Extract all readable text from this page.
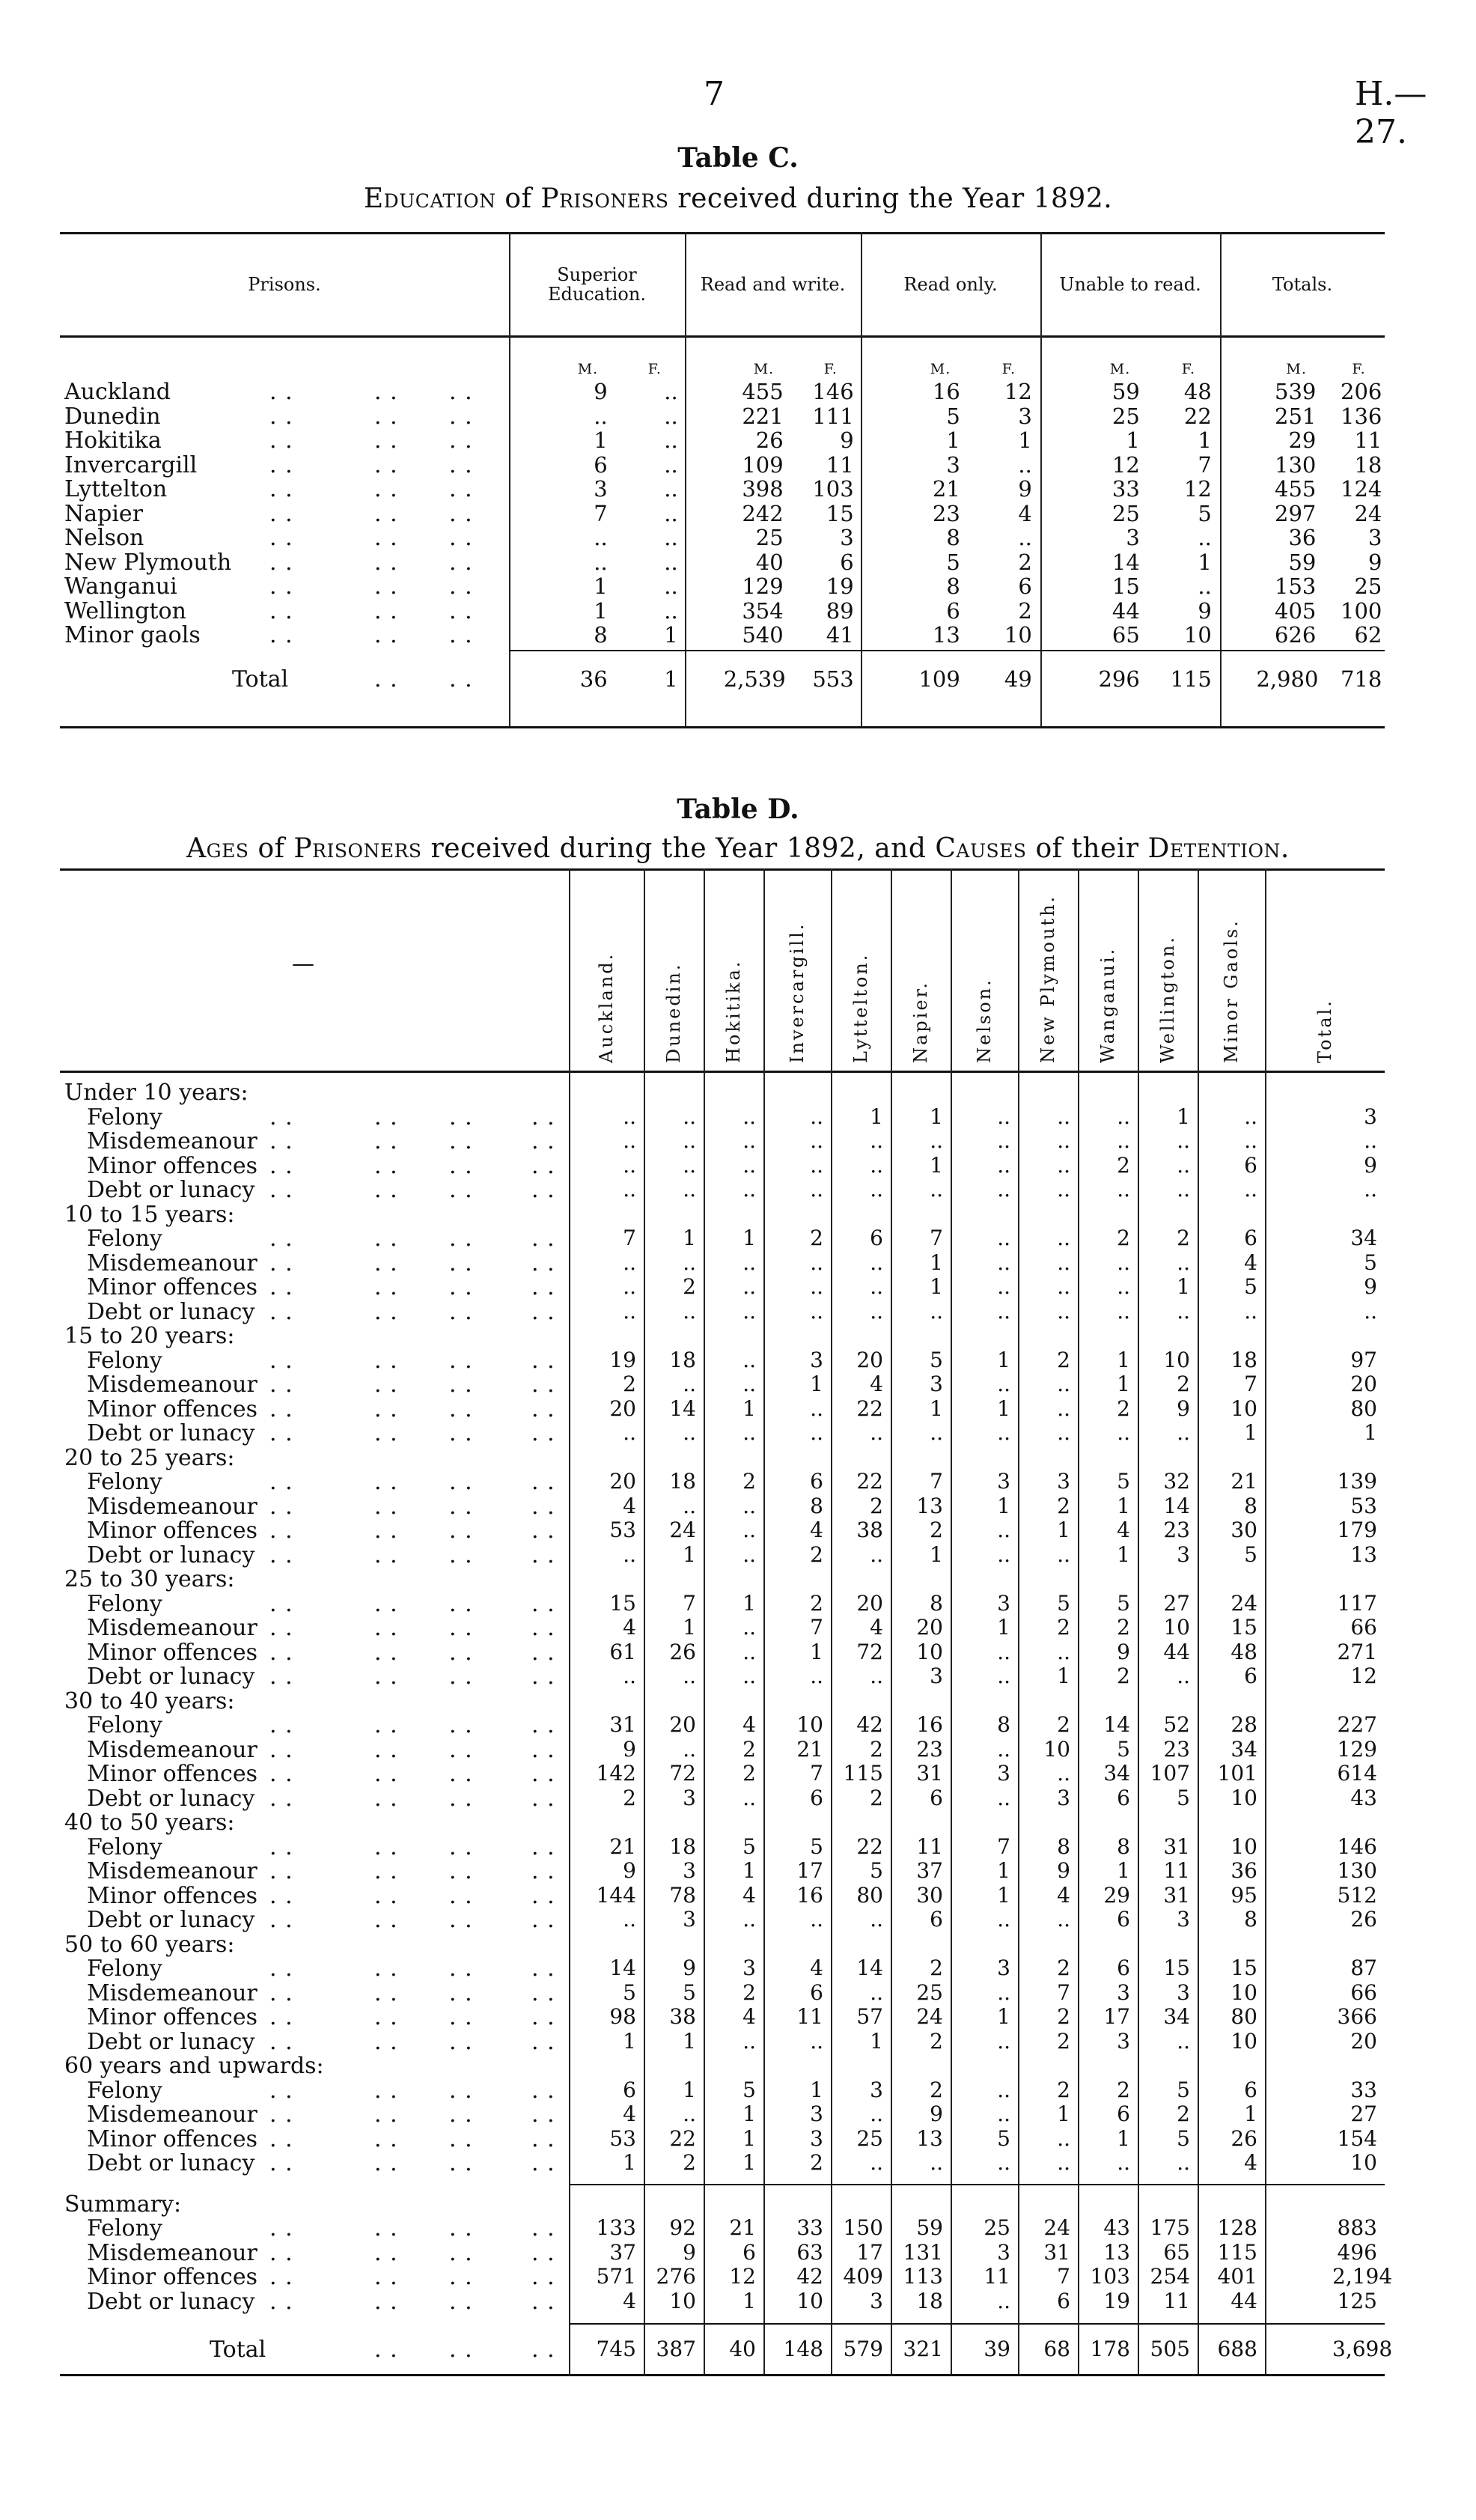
7	H.—27.
Table C.
Education of Prisoners received during the Year 1892.
Prisons.	Superior Education.	Read and write.	Read only.	Unable to read.	Totals.
M.	F.	M.	F.	M.	F.	M.	F.	M.	F.
Auckland	. .	. . . .	9	..	455	146	16	12	59	48	539	206
Dunedin	. .	. . . .	..	..	221	111	5	3	25	22	251	136
Hokitika	. .	. . . .	1	..	26	9	1	1	1	1	29	11
Invercargill	. .	. . . .	6	..	109	11	3	..	12	7	130	18
Lyttelton	. .	. . . .	3	..	398	103	21	9	33	12	455	124
Napier	. .	. . . .	7	..	242	15	23	4	25	5	297	24
Nelson	. .	. . . .	..	..	25	3	8	..	3	..	36	3
New Plymouth . .	. . . .	..	..	40	6	5	2	14	1	59	9
Wanganui	. .	. . . .	1	..	129	19	8	6	15	..	153	25
Wellington	. .	. . . .	1	..	354	89	6	2	44	9	405	100
Minor gaols	. .	. . . .	8	1	540	41	13	10	65	10	626	62
Total	. . . .	36	1 2,539	553	109	49	296	115 2,980	718
Table D.
Ages of Prisoners received during the Year 1892, and Causes of their Detention.
—	Auckland.	Dunedin. Hokitika. Invercargill. Lyttelton. Napier. Nelson. New Plymouth. Wanganui. Wellington. Minor Gaols.	Total.
Under 10 years:
Felony	. .	. . . .	. .	..	..	..	..	1	1	..	..	..	1	..	3
Misdemeanour . .	. . . .	. .	..	..	..	..	..	..	..	..	..	..	..	..
Minor offences . .	. . . .	. .	..	..	..	..	..	1	..	..	2	..	6	9
Debt or lunacy . .	. . . .	. .	..	..	..	..	..	..	..	..	..	..	..	..
10 to 15 years:
Felony	. .	. . . .	. .	7	1	1	2	6	7	..	..	2	2	6	34
Misdemeanour . .	. . . .	. .	..	..	..	..	..	1	..	..	..	..	4	5
Minor offences . .	. . . .	. .	..	2	..	..	..	1	..	..	..	1	5	9
Debt or lunacy . .	. . . .	. .	..	..	..	..	..	..	..	..	..	..	..	..
15 to 20 years:
Felony	. .	. . . .	. .	19	18	..	3	20	5	1	2	1	10	18	97
Misdemeanour . .	. . . .	. .	2	..	..	1	4	3	..	..	1	2	7	20
Minor offences . .	. . . .	. .	20	14	1	..	22	1	1	..	2	9	10	80
Debt or lunacy . .	. . . .	. .	..	..	..	..	..	..	..	..	..	..	1	1
20 to 25 years:
Felony	. .	. . . .	. .	20	18	2	6	22	7	3	3	5	32	21	139
Misdemeanour . .	. . . .	. .	4	..	..	8	2	13	1	2	1	14	8	53
Minor offences . .	. . . .	. .	53	24	..	4	38	2	..	1	4	23	30	179
Debt or lunacy . .	. . . .	. .	..	1	..	2	..	1	..	..	1	3	5	13
25 to 30 years:
Felony	. .	. . . .	. .	15	7	1	2	20	8	3	5	5	27	24	117
Misdemeanour . .	. . . .	. .	4	1	..	7	4	20	1	2	2	10	15	66
Minor offences . .	. . . .	. .	61	26	..	1	72	10	..	..	9	44	48	271
Debt or lunacy . .	. . . .	. .	..	..	..	..	..	3	..	1	2	..	6	12
30 to 40 years:
Felony	. .	. . . .	. .	31	20	4	10	42	16	8	2	14	52	28	227
Misdemeanour . .	. . . .	. .	9	..	2	21	2	23	..	10	5	23	34	129
Minor offences . .	. . . .	. . 142	72	2	7 115	31	3	..	34 107 101	614
Debt or lunacy . .	. . . .	. .	2	3	..	6	2	6	..	3	6	5	10	43
40 to 50 years:
Felony	. .	. . . .	. .	21	18	5	5	22	11	7	8	8	31	10	146
Misdemeanour . .	. . . .	. .	9	3	1	17	5	37	1	9	1	11	36	130
Minor offences . .	. . . .	. . 144	78	4	16	80	30	1	4	29	31	95	512
Debt or lunacy . .	. . . .	. .	..	3	..	..	..	6	..	..	6	3	8	26
50 to 60 years:
Felony	. .	. . . .	. .	14	9	3	4	14	2	3	2	6	15	15	87
Misdemeanour . .	. . . .	. .	5	5	2	6	..	25	..	7	3	3	10	66
Minor offences . .	. . . .	. .	98	38	4	11	57	24	1	2	17	34	80	366
Debt or lunacy . .	. . . .	. .	1	1	..	..	1	2	..	2	3	..	10	20
60 years and upwards:
Felony	. .	. . . .	. .	6	1	5	1	3	2	..	2	2	5	6	33
Misdemeanour . .	. . . .	. .	4	..	1	3	..	9	..	1	6	2	1	27
Minor offences . .	. . . .	. .	53	22	1	3	25	13	5	..	1	5	26	154
Debt or lunacy . .	. . . .	. .	1	2	1	2	..	..	..	..	..	..	4	10
Summary:
Felony	. .	. . . .	. . 133	92	21	33 150	59	25	24	43 175 128	883
Misdemeanour . .	. . . .	. .	37	9	6	63	17 131	3	31	13	65 115	496
Minor offences . .	. . . .	. . 571 276	12	42 409 113	11	7 103 254 401	2,194
Debt or lunacy . .	. . . .	. .	4	10	1	10	3	18	..	6	19	11	44	125
Total	. . . .	. . 745 387	40 148 579 321	39	68 178 505 688	3,698
